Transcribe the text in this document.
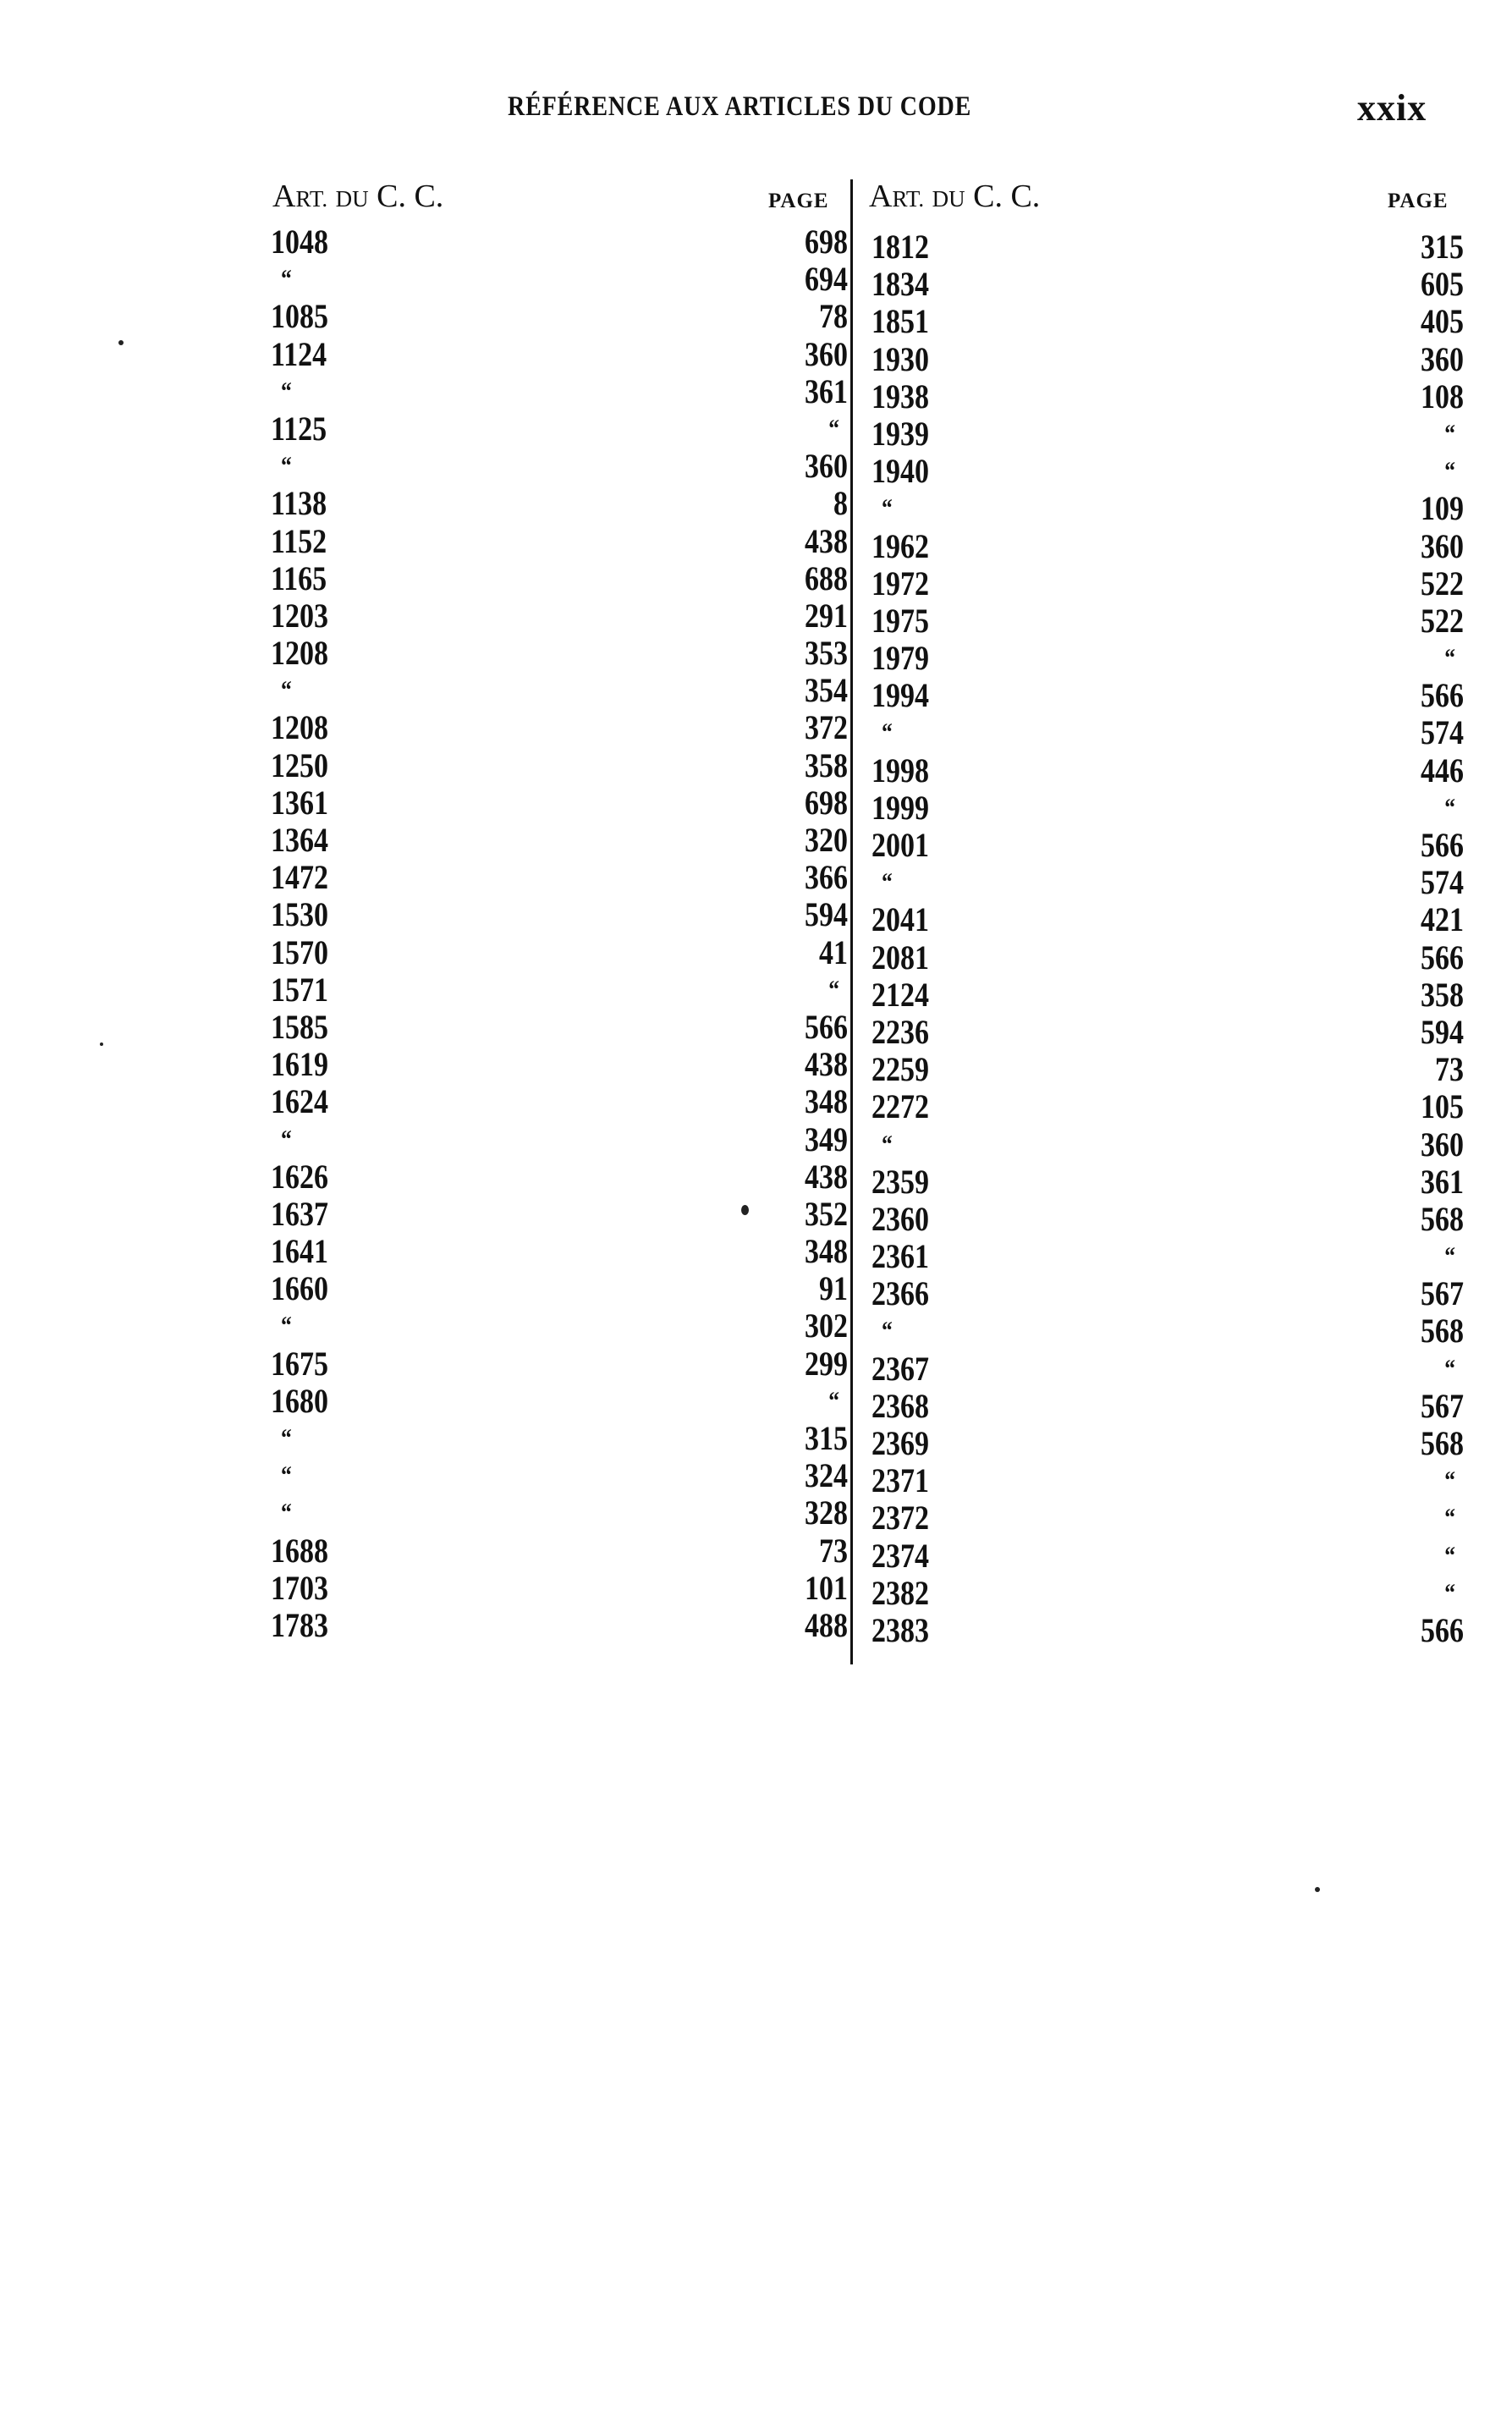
RÉFÉRENCE AUX ARTICLES DU CODE	xxix
ART. DU C. C.	PAGE ART. DU C. C.	PAGE
1048	698
“	694
1085	78
1124	360
“	361
1125	“
“	360
1138	8
1152	438
1165	688
1203	291
1208	353
“	354
1208	372
1250	358
1361	698
1364	320
1472	366
1530	594
1570	41
1571	“
1585	566
1619	438
1624	348
“	349
1626	438
1637	352
1641	348
1660	91
“	302
1675	299
1680	“
“	315
“	324
“	328
1688	73
1703	101
1783	488
1812	315
1834	605
1851	405
1930	360
1938	108
1939	“
1940	“
“	109
1962	360
1972	522
1975	522
1979	“
1994	566
“	574
1998	446
1999	“
2001	566
“	574
2041	421
2081	566
2124	358
2236	594
2259	73
2272	105
“	360
2359	361
2360	568
2361	“
2366	567
“	568
2367	“
2368	567
2369	568
2371	“
2372	“
2374	“
2382	“
2383	566
